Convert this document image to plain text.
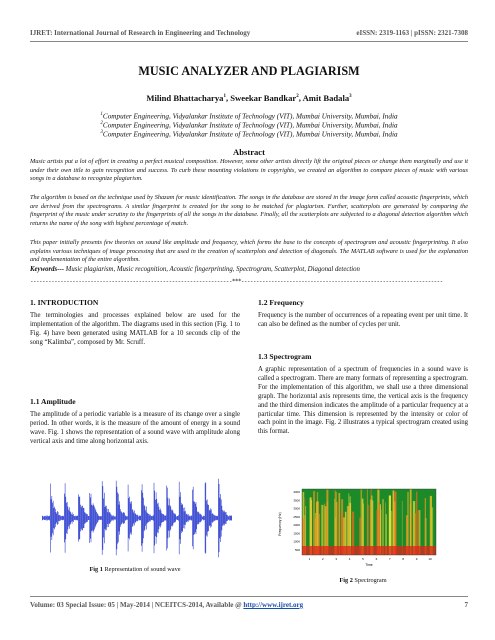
IJRET: International Journal of Research in Engineering and Technology	eISSN: 2319-1163 | pISSN: 2321-7308
MUSIC ANALYZER AND PLAGIARISM
Milind Bhattacharya$^1$, Sweekar Bandkar$^2$, Amit Badala$^3$
$^1$Computer Engineering, Vidyalankar Institute of Technology (VIT), Mumbai University, Mumbai, India
$^2$Computer Engineering, Vidyalankar Institute of Technology (VIT), Mumbai University, Mumbai, India
$^3$Computer Engineering, Vidyalankar Institute of Technology (VIT), Mumbai University, Mumbai, India
Abstract
Music artists put a lot of effort in creating a perfect musical composition. However, some other artists directly lift the original pieces or change them marginally and use it under their own title to gain recognition and success. To curb these mounting violations in copyrights, we created an algorithm to compare pieces of music with various songs in a database to recognize plagiarism.
The algorithm is based on the technique used by Shazam for music identification. The songs in the database are stored in the image form called acoustic fingerprints, which are derived from the spectrograms. A similar fingerprint is created for the song to be matched for plagiarism. Further, scatterplots are generated by comparing the fingerprint of the music under scrutiny to the fingerprints of all the songs in the database. Finally, all the scatterplots are subjected to a diagonal detection algorithm which returns the name of the song with highest percentage of match.
This paper initially presents few theories on sound like amplitude and frequency, which forms the base to the concepts of spectrogram and acoustic fingerprinting. It also explains various techniques of image processing that are used in the creation of scatterplots and detection of diagonals. The MATLAB software is used for the explanation and implementation of the entire algorithm.
Keywords--- Music plagiarism, Music recognition, Acoustic fingerprinting, Spectrogram, Scatterplot, Diagonal detection
-------------------------------------------------------------------***-------------------------------------------------------------------
1. INTRODUCTION
The terminologies and processes explained below are used for the implementation of the algorithm. The diagrams used in this section (Fig. 1 to Fig. 4) have been generated using MATLAB for a 10 seconds clip of the song “Kalimba”, composed by Mr. Scruff.
1.1 Amplitude
The amplitude of a periodic variable is a measure of its change over a single period. In other words, it is the measure of the amount of energy in a sound wave. Fig. 1 shows the representation of a sound wave with amplitude along vertical axis and time along horizontal axis.
Fig 1 Representation of sound wave
1.2 Frequency
Frequency is the number of occurrences of a repeating event per unit time. It can also be defined as the number of cycles per unit.
1.3 Spectrogram
A graphic representation of a spectrum of frequencies in a sound wave is called a spectrogram. There are many formats of representing a spectrogram. For the implementation of this algorithm, we shall use a three dimensional graph. The horizontal axis represents time, the vertical axis is the frequency and the third dimension indicates the amplitude of a particular frequency at a particular time. This dimension is represented by the intensity or color of each point in the image. Fig. 2 illustrates a typical spectrogram created using this format.
Frequency (Hz)
4000
3500
3000
2500
2000
1500
1000
500
1	2	3	4	5	6	7	8	9	10
Time
Fig 2 Spectrogram
Volume: 03 Special Issue: 05 | May-2014 | NCEITCS-2014, Available @ http://www.ijret.org	7
